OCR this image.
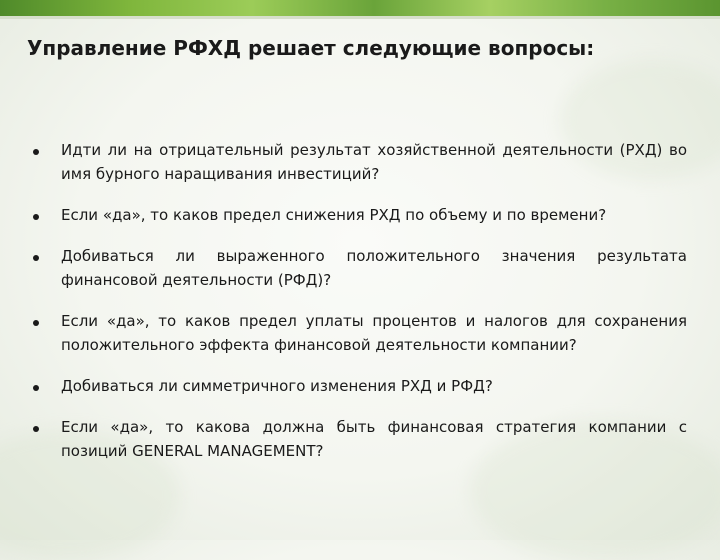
Управление РФХД решает следующие вопросы:
Идти ли на отрицательный результат хозяйственной деятельности (РХД) во имя бурного наращивания инвестиций?
Если «да», то каков предел снижения РХД по объему и по времени?
Добиваться ли выраженного положительного значения результата финансовой деятельности (РФД)?
Если «да», то каков предел уплаты процентов и налогов для сохранения положительного эффекта финансовой деятельности компании?
Добиваться ли симметричного изменения РХД и РФД?
Если «да», то какова должна быть финансовая стратегия компании с позиций GENERAL MANAGEMENT?
